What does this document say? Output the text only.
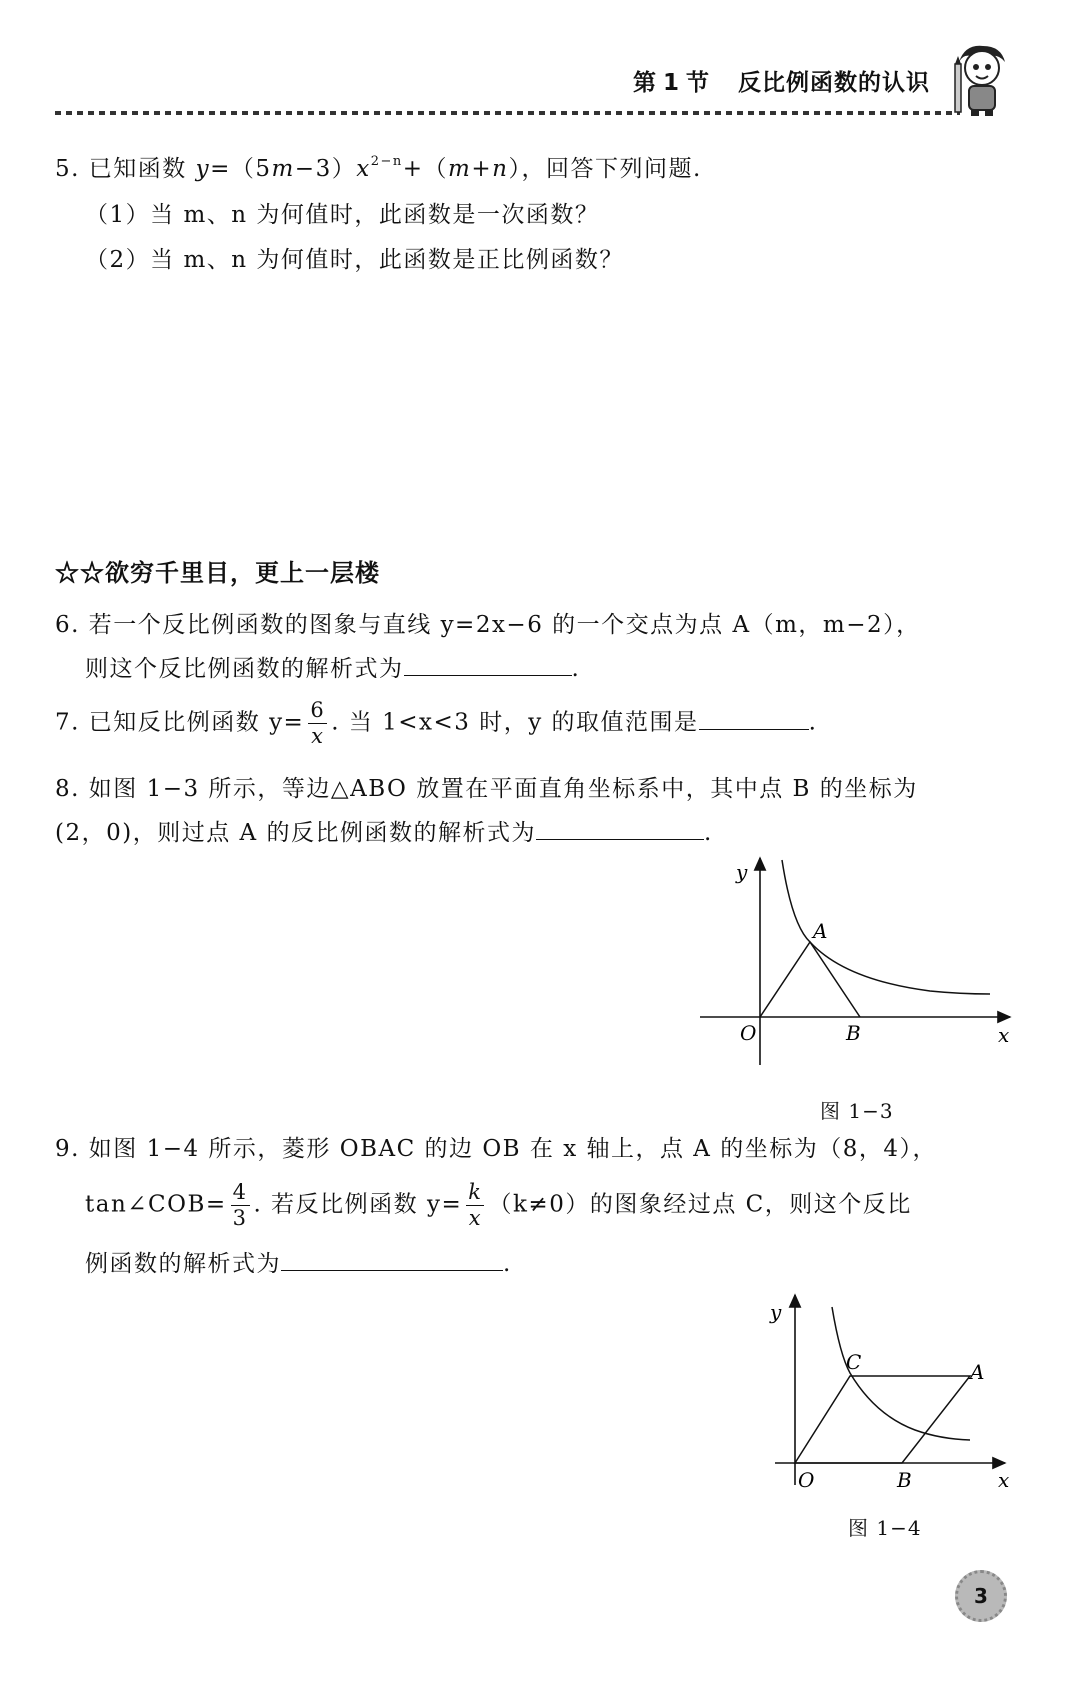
第 1 节 反比例函数的认识
5. 已知函数 $y=(5m-3)x^{2-n}+(m+n)$，回答下列问题.
（1）当 m、n 为何值时，此函数是一次函数？
（2）当 m、n 为何值时，此函数是正比例函数？
☆☆欲穷千里目，更上一层楼
6. 若一个反比例函数的图象与直线 y=2x−6 的一个交点为点 A（m，m−2），
则这个反比例函数的解析式为	.
7. 已知反比例函数 $y= \frac{6}{x}$ . 当 1<x<3 时，y 的取值范围是	.
8. 如图 1−3 所示，等边△ABO 放置在平面直角坐标系中，其中点 B 的坐标为
(2，0)，则过点 A 的反比例函数的解析式为	.
y
x
O
A
B
图 1−3
9. 如图 1−4 所示，菱形 OBAC 的边 OB 在 x 轴上，点 A 的坐标为（8，4），
tan∠COB= $\frac{4}{3}$ . 若反比例函数 $y= \frac{k}{x} (k\ne 0)$的图象经过点 C，则这个反比
例函数的解析式为	.
y
x
O
C	A
B
图 1−4
3
